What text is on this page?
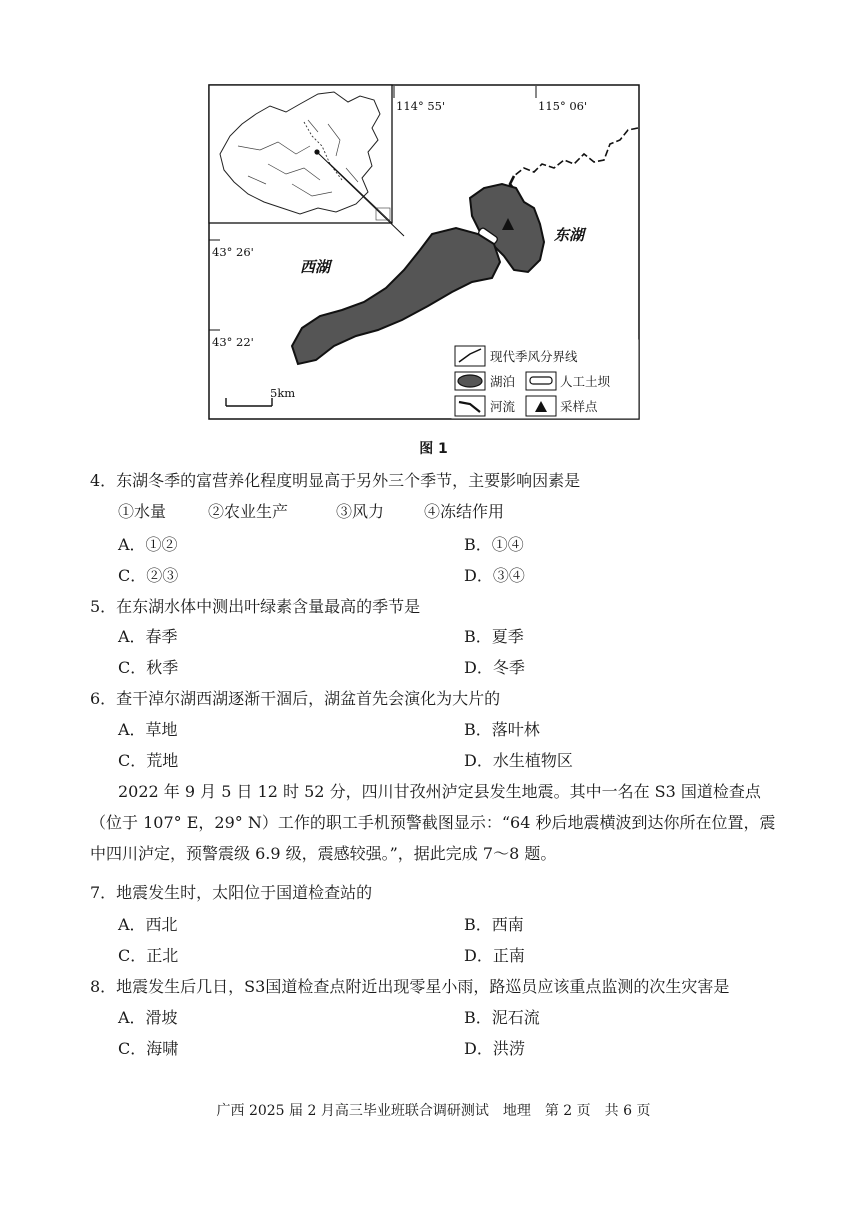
114° 55'	115° 06'
43° 26'
43° 22'
西湖
东湖
5km
现代季风分界线
湖泊	人工土坝
河流	采样点
图 1
4．东湖冬季的富营养化程度明显高于另外三个季节，主要影响因素是
①水量	②农业生产	③风力 ④冻结作用
A．①②	B．①④
C．②③	D．③④
5．在东湖水体中测出叶绿素含量最高的季节是
A．春季	B．夏季
C．秋季	D．冬季
6．查干淖尔湖西湖逐渐干涸后，湖盆首先会演化为大片的
A．草地	B．落叶林
C．荒地	D．水生植物区
2022 年 9 月 5 日 12 时 52 分，四川甘孜州泸定县发生地震。其中一名在 S3 国道检查点（位于 107° E，29° N）工作的职工手机预警截图显示：“64 秒后地震横波到达你所在位置，震中四川泸定，预警震级 6.9 级，震感较强。”，据此完成 7～8 题。
7．地震发生时，太阳位于国道检查站的
A．西北	B．西南
C．正北	D．正南
8．地震发生后几日，S3国道检查点附近出现零星小雨，路巡员应该重点监测的次生灾害是
A．滑坡	B．泥石流
C．海啸	D．洪涝
广西 2025 届 2 月高三毕业班联合调研测试　地理　第 2 页　共 6 页
